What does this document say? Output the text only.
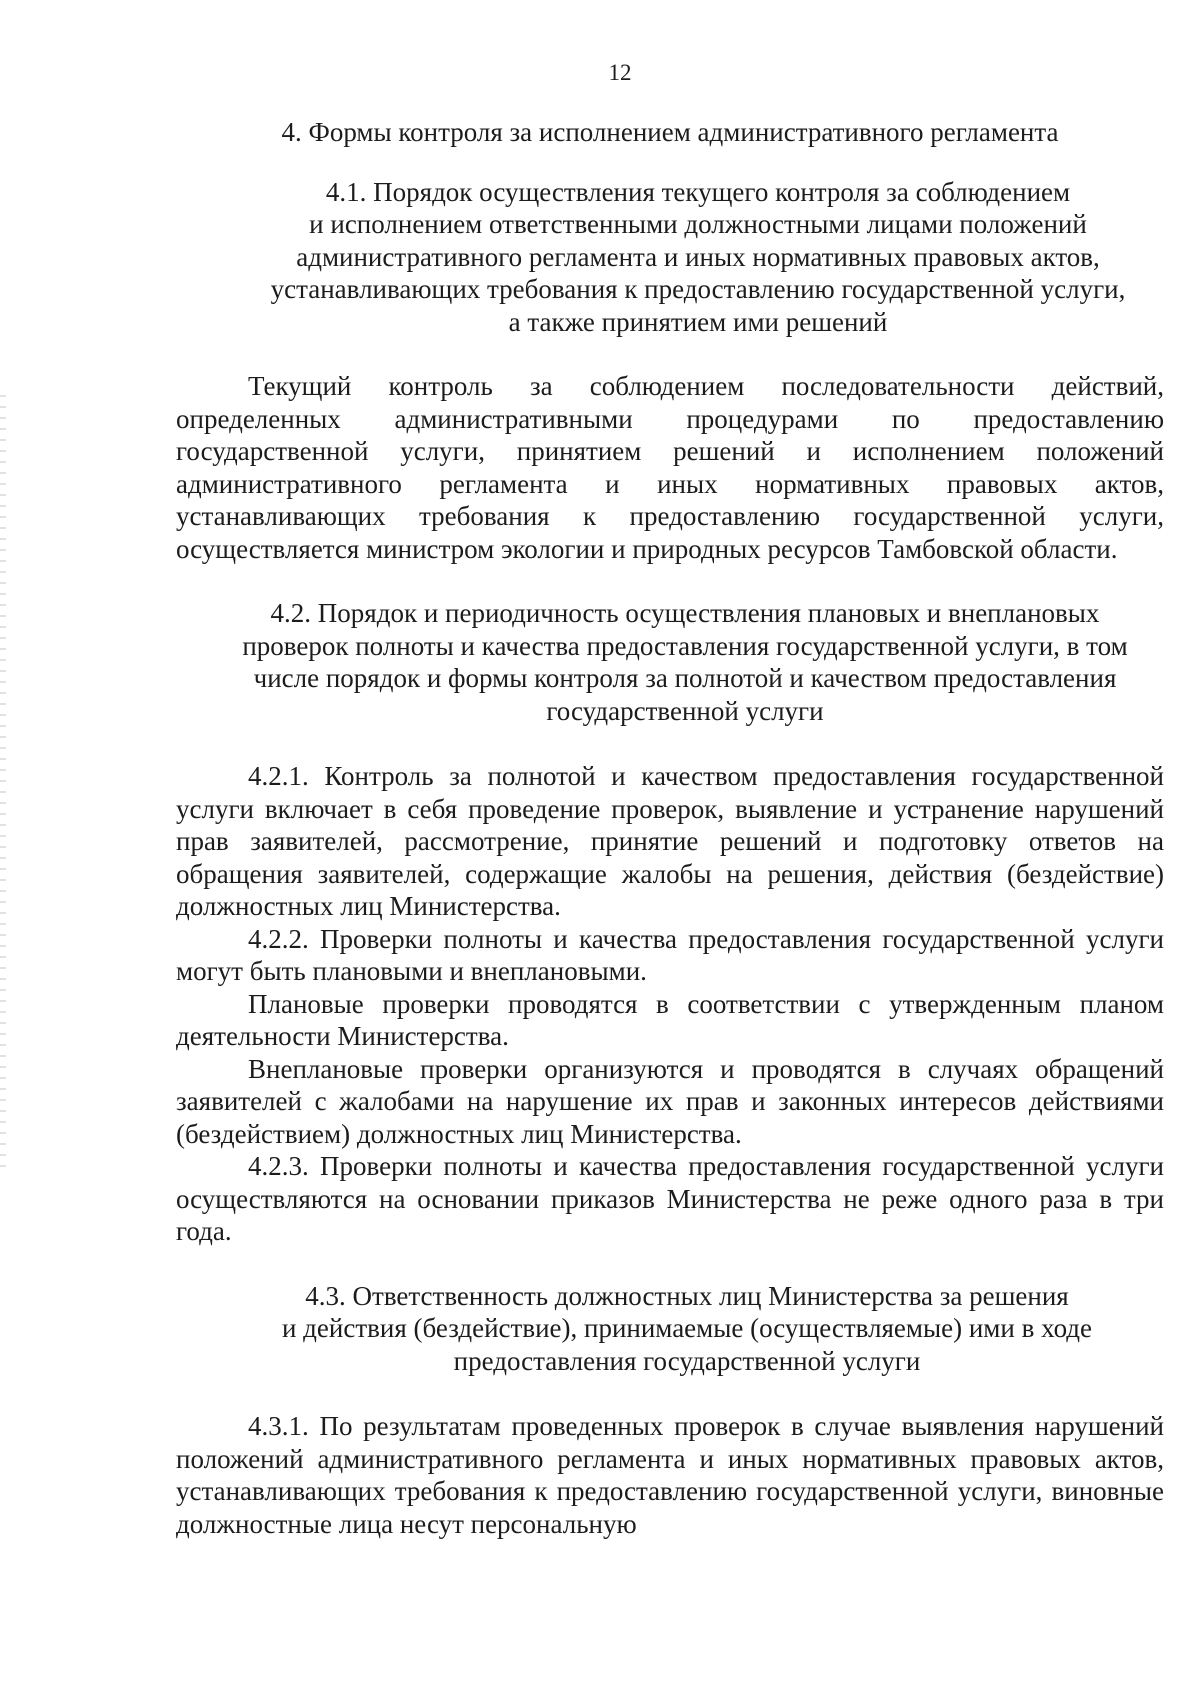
12

4. Формы контроля за исполнением административного регламента

4.1. Порядок осуществления текущего контроля за соблюдением
и исполнением ответственными должностными лицами положений
административного регламента и иных нормативных правовых актов,
устанавливающих требования к предоставлению государственной услуги,
а также принятием ими решений

Текущий контроль за соблюдением последовательности действий, определенных административными процедурами по предоставлению государственной услуги, принятием решений и исполнением положений административного регламента и иных нормативных правовых актов, устанавливающих требования к предоставлению государственной услуги, осуществляется министром экологии и природных ресурсов Тамбовской области.

4.2. Порядок и периодичность осуществления плановых и внеплановых
проверок полноты и качества предоставления государственной услуги, в том
числе порядок и формы контроля за полнотой и качеством предоставления
государственной услуги

4.2.1. Контроль за полнотой и качеством предоставления государственной услуги включает в себя проведение проверок, выявление и устранение нарушений прав заявителей, рассмотрение, принятие решений и подготовку ответов на обращения заявителей, содержащие жалобы на решения, действия (бездействие) должностных лиц Министерства.

4.2.2. Проверки полноты и качества предоставления государственной услуги могут быть плановыми и внеплановыми.

Плановые проверки проводятся в соответствии с утвержденным планом деятельности Министерства.

Внеплановые проверки организуются и проводятся в случаях обращений заявителей с жалобами на нарушение их прав и законных интересов действиями (бездействием) должностных лиц Министерства.

4.2.3. Проверки полноты и качества предоставления государственной услуги осуществляются на основании приказов Министерства не реже одного раза в три года.

4.3. Ответственность должностных лиц Министерства за решения
и действия (бездействие), принимаемые (осуществляемые) ими в ходе
предоставления государственной услуги

4.3.1. По результатам проведенных проверок в случае выявления нарушений положений административного регламента и иных нормативных правовых актов, устанавливающих требования к предоставлению государственной услуги, виновные должностные лица несут персональную
